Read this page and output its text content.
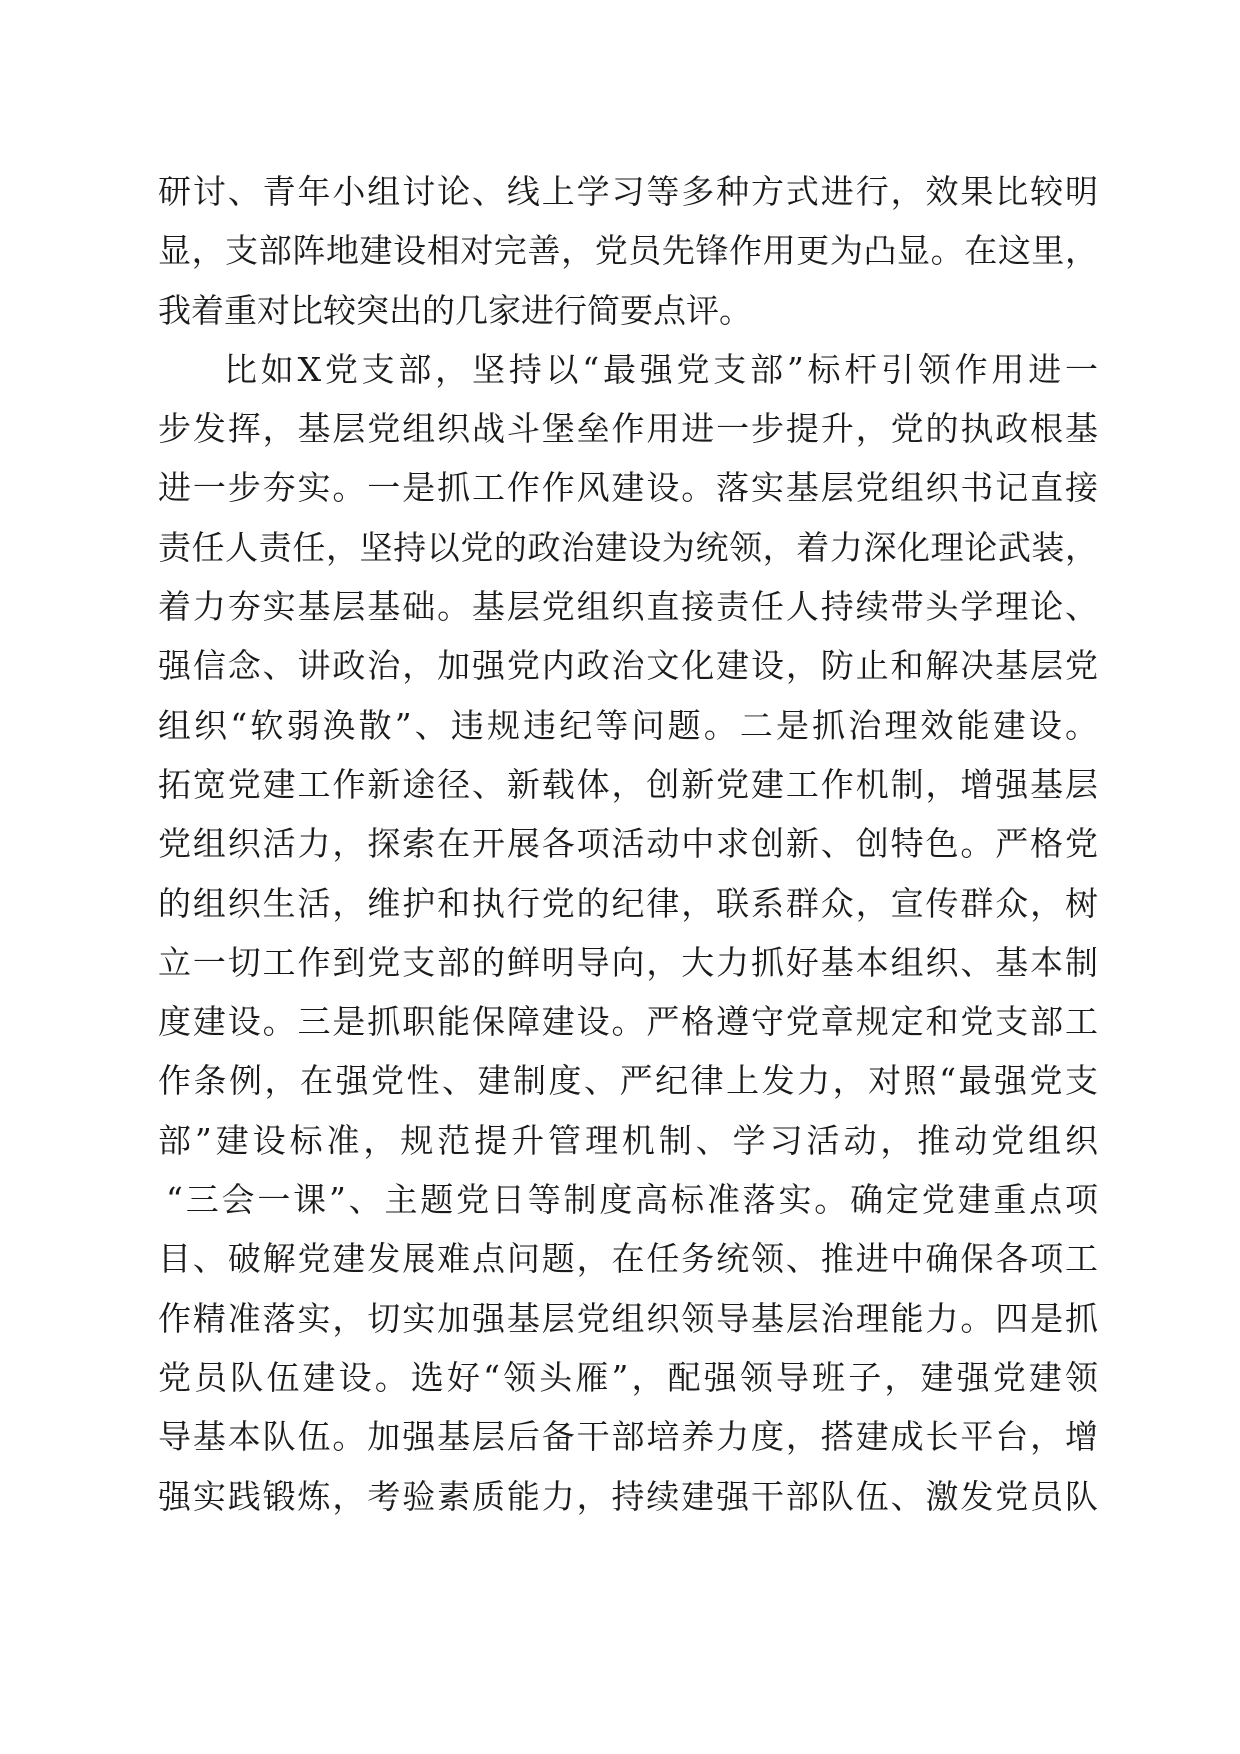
研讨、青年小组讨论、线上学习等多种方式进行，效果比较明
显，支部阵地建设相对完善，党员先锋作用更为凸显。在这里，
我着重对比较突出的几家进行简要点评。
比如X党支部，坚持以“最强党支部”标杆引领作用进一
步发挥，基层党组织战斗堡垒作用进一步提升，党的执政根基
进一步夯实。一是抓工作作风建设。落实基层党组织书记直接
责任人责任，坚持以党的政治建设为统领，着力深化理论武装，
着力夯实基层基础。基层党组织直接责任人持续带头学理论、
强信念、讲政治，加强党内政治文化建设，防止和解决基层党
组织“软弱涣散”、违规违纪等问题。二是抓治理效能建设。
拓宽党建工作新途径、新载体，创新党建工作机制，增强基层
党组织活力，探索在开展各项活动中求创新、创特色。严格党
的组织生活，维护和执行党的纪律，联系群众，宣传群众，树
立一切工作到党支部的鲜明导向，大力抓好基本组织、基本制
度建设。三是抓职能保障建设。严格遵守党章规定和党支部工
作条例，在强党性、建制度、严纪律上发力，对照“最强党支
部”建设标准，规范提升管理机制、学习活动，推动党组织
“三会一课”、主题党日等制度高标准落实。确定党建重点项
目、破解党建发展难点问题，在任务统领、推进中确保各项工
作精准落实，切实加强基层党组织领导基层治理能力。四是抓
党员队伍建设。选好“领头雁”，配强领导班子，建强党建领
导基本队伍。加强基层后备干部培养力度，搭建成长平台，增
强实践锻炼，考验素质能力，持续建强干部队伍、激发党员队
